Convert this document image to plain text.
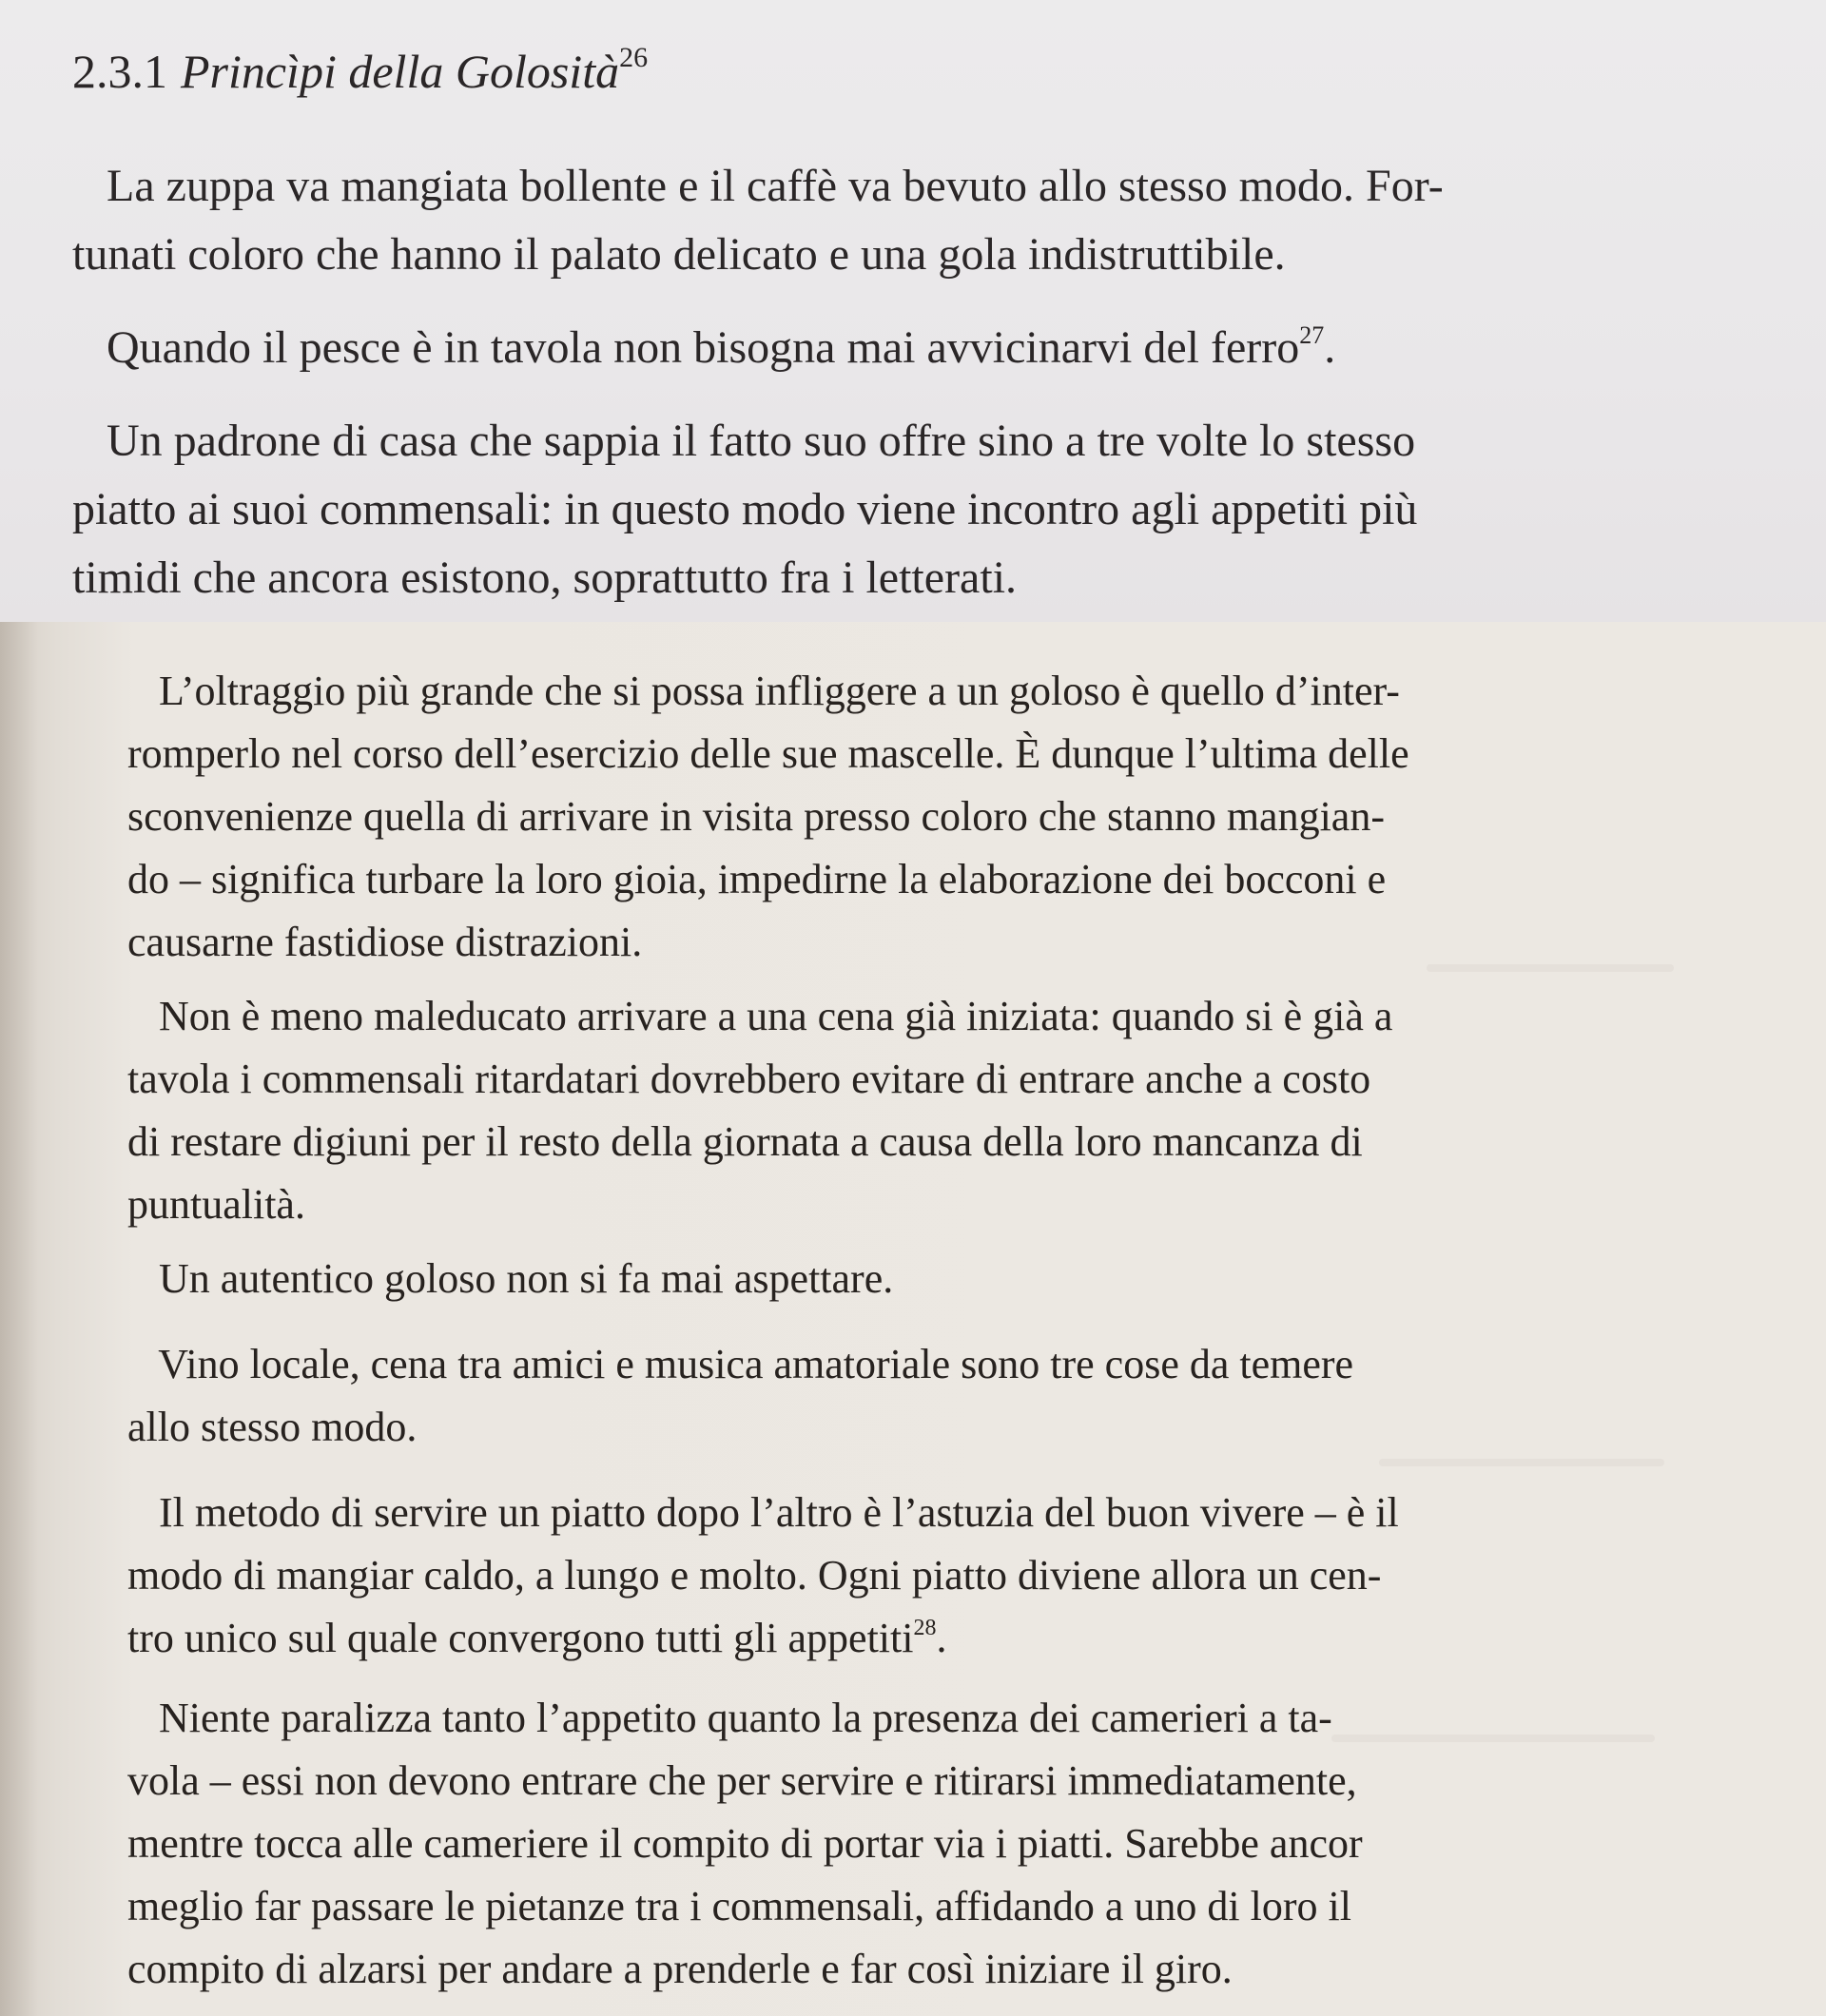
2.3.1 Princìpi della Golosità$^{26}$

La zuppa va mangiata bollente e il caffè va bevuto allo stesso modo. For-
tunati coloro che hanno il palato delicato e una gola indistruttibile.

Quando il pesce è in tavola non bisogna mai avvicinarvi del ferro$^{27}$.

Un padrone di casa che sappia il fatto suo offre sino a tre volte lo stesso
piatto ai suoi commensali: in questo modo viene incontro agli appetiti più
timidi che ancora esistono, soprattutto fra i letterati.

L’oltraggio più grande che si possa infliggere a un goloso è quello d’inter-
romperlo nel corso dell’esercizio delle sue mascelle. È dunque l’ultima delle
sconvenienze quella di arrivare in visita presso coloro che stanno mangian-
do – significa turbare la loro gioia, impedirne la elaborazione dei bocconi e
causarne fastidiose distrazioni.

Non è meno maleducato arrivare a una cena già iniziata: quando si è già a
tavola i commensali ritardatari dovrebbero evitare di entrare anche a costo
di restare digiuni per il resto della giornata a causa della loro mancanza di
puntualità.

Un autentico goloso non si fa mai aspettare.

Vino locale, cena tra amici e musica amatoriale sono tre cose da temere
allo stesso modo.

Il metodo di servire un piatto dopo l’altro è l’astuzia del buon vivere – è il
modo di mangiar caldo, a lungo e molto. Ogni piatto diviene allora un cen-
tro unico sul quale convergono tutti gli appetiti$^{28}$.

Niente paralizza tanto l’appetito quanto la presenza dei camerieri a ta-
vola – essi non devono entrare che per servire e ritirarsi immediatamente,
mentre tocca alle cameriere il compito di portar via i piatti. Sarebbe ancor
meglio far passare le pietanze tra i commensali, affidando a uno di loro il
compito di alzarsi per andare a prenderle e far così iniziare il giro.
